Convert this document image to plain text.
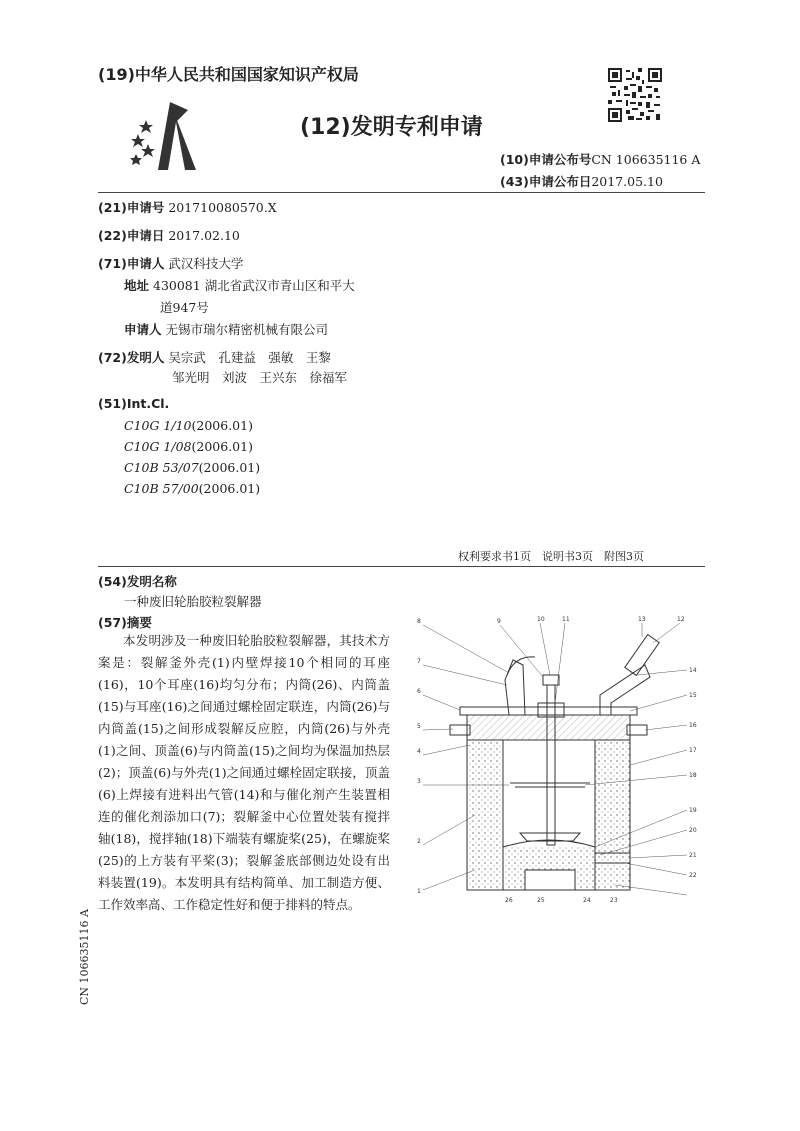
(19)中华人民共和国国家知识产权局
(12)发明专利申请
(10)申请公布号CN 106635116 A
(43)申请公布日2017.05.10
(21)申请号 201710080570.X
(22)申请日 2017.02.10
(71)申请人 武汉科技大学
地址 430081 湖北省武汉市青山区和平大
道947号
申请人 无锡市瑞尔精密机械有限公司
(72)发明人 吴宗武　孔建益　强敏　王黎
邹光明　刘波　王兴东　徐福军
(51)Int.Cl.
C10G 1/10(2006.01)
C10G 1/08(2006.01)
C10B 53/07(2006.01)
C10B 57/00(2006.01)
权利要求书1页　说明书3页　附图3页
(54)发明名称
一种废旧轮胎胶粒裂解器
(57)摘要

本发明涉及一种废旧轮胎胶粒裂解器，其技术方案是：裂解釜外壳(1)内壁焊接10个相同的耳座(16)，10个耳座(16)均匀分布；内筒(26)、内筒盖(15)与耳座(16)之间通过螺栓固定联连，内筒(26)与内筒盖(15)之间形成裂解反应腔，内筒(26)与外壳(1)之间、顶盖(6)与内筒盖(15)之间均为保温加热层(2)；顶盖(6)与外壳(1)之间通过螺栓固定联接，顶盖(6)上焊接有进料出气管(14)和与催化剂产生装置相连的催化剂添加口(7)；裂解釜中心位置处装有搅拌轴(18)，搅拌轴(18)下端装有螺旋桨(25)，在螺旋桨(25)的上方装有平桨(3)；裂解釜底部侧边处设有出料装置(19)。本发明具有结构简单、加工制造方便、工作效率高、工作稳定性好和便于排料的特点。

CN 106635116 A
8
7
6
5
4
3
2
1
9	10	11	13	12
14
15
16
17
18
19
20
21
22
26	25	24	23
